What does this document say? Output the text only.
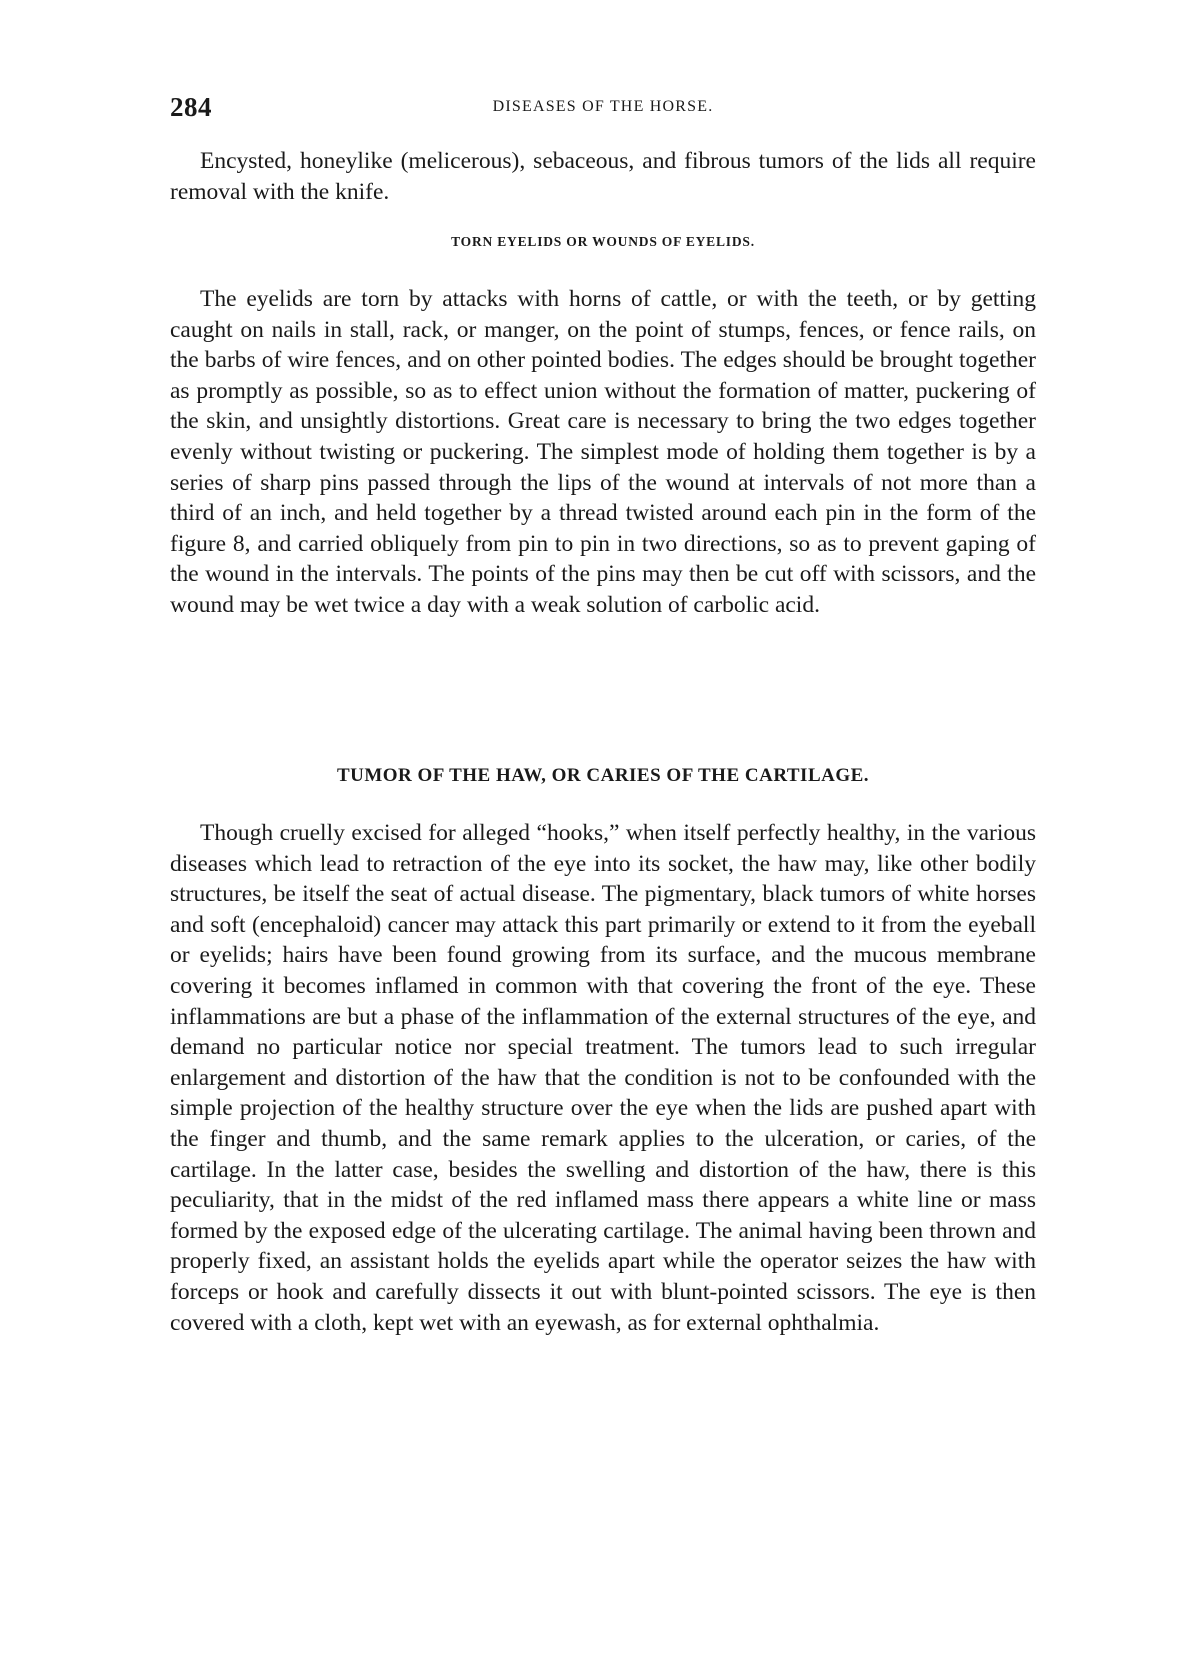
284	DISEASES OF THE HORSE.

Encysted, honeylike (melicerous), sebaceous, and fibrous tumors of the lids all require removal with the knife.

TORN EYELIDS OR WOUNDS OF EYELIDS.

The eyelids are torn by attacks with horns of cattle, or with the teeth, or by getting caught on nails in stall, rack, or manger, on the point of stumps, fences, or fence rails, on the barbs of wire fences, and on other pointed bodies. The edges should be brought together as promptly as possible, so as to effect union without the formation of matter, puckering of the skin, and unsightly distortions. Great care is necessary to bring the two edges together evenly without twisting or puckering. The simplest mode of holding them together is by a series of sharp pins passed through the lips of the wound at intervals of not more than a third of an inch, and held together by a thread twisted around each pin in the form of the figure 8, and carried obliquely from pin to pin in two directions, so as to prevent gaping of the wound in the intervals. The points of the pins may then be cut off with scissors, and the wound may be wet twice a day with a weak solution of carbolic acid.

TUMOR OF THE HAW, OR CARIES OF THE CARTILAGE.

Though cruelly excised for alleged “hooks,” when itself perfectly healthy, in the various diseases which lead to retraction of the eye into its socket, the haw may, like other bodily structures, be itself the seat of actual disease. The pigmentary, black tumors of white horses and soft (encephaloid) cancer may attack this part primarily or extend to it from the eyeball or eyelids; hairs have been found growing from its surface, and the mucous membrane covering it becomes inflamed in common with that covering the front of the eye. These inflammations are but a phase of the inflammation of the external structures of the eye, and demand no particular notice nor special treatment. The tumors lead to such irregular enlargement and distortion of the haw that the condition is not to be confounded with the simple projection of the healthy structure over the eye when the lids are pushed apart with the finger and thumb, and the same remark applies to the ulceration, or caries, of the cartilage. In the latter case, besides the swelling and distortion of the haw, there is this peculiarity, that in the midst of the red inflamed mass there appears a white line or mass formed by the exposed edge of the ulcerating cartilage. The animal having been thrown and properly fixed, an assistant holds the eyelids apart while the operator seizes the haw with forceps or hook and carefully dissects it out with blunt-pointed scissors. The eye is then covered with a cloth, kept wet with an eyewash, as for external ophthalmia.
